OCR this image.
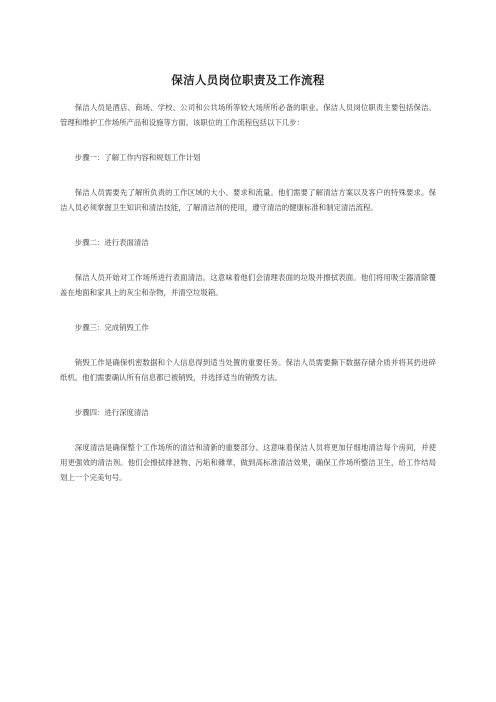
保洁人员岗位职责及工作流程

保洁人员是酒店、商场、学校、公司和公共场所等较大场所所必备的职业。保洁人员岗位职责主要包括保洁、管理和维护工作场所产品和设施等方面。该职位的工作流程包括以下几步：

步骤一：了解工作内容和规划工作计划

保洁人员需要先了解所负责的工作区域的大小、要求和流量。他们需要了解清洁方案以及客户的特殊要求。保洁人员必须掌握卫生知识和清洁技能，了解清洁剂的使用，遵守清洁的健康标准和制定清洁流程。

步骤二：进行表面清洁

保洁人员开始对工作场所进行表面清洁。这意味着他们会清理表面的垃圾并擦拭表面。他们将用吸尘器清除覆盖在地面和家具上的灰尘和杂物，并清空垃圾箱。

步骤三：完成销毁工作

销毁工作是确保机密数据和个人信息得到适当处置的重要任务。保洁人员需要撕下数据存储介质并将其扔进碎纸机。他们需要确认所有信息都已被销毁，并选择适当的销毁方法。

步骤四：进行深度清洁

深度清洁是确保整个工作场所的清洁和清新的重要部分。这意味着保洁人员将更加仔细地清洁每个房间，并使用更强效的清洁剂。他们会擦拭排泄物、污垢和雜華，做到高标准清洁效果，确保工作场所整洁卫生，给工作结局划上一个完美句号。
